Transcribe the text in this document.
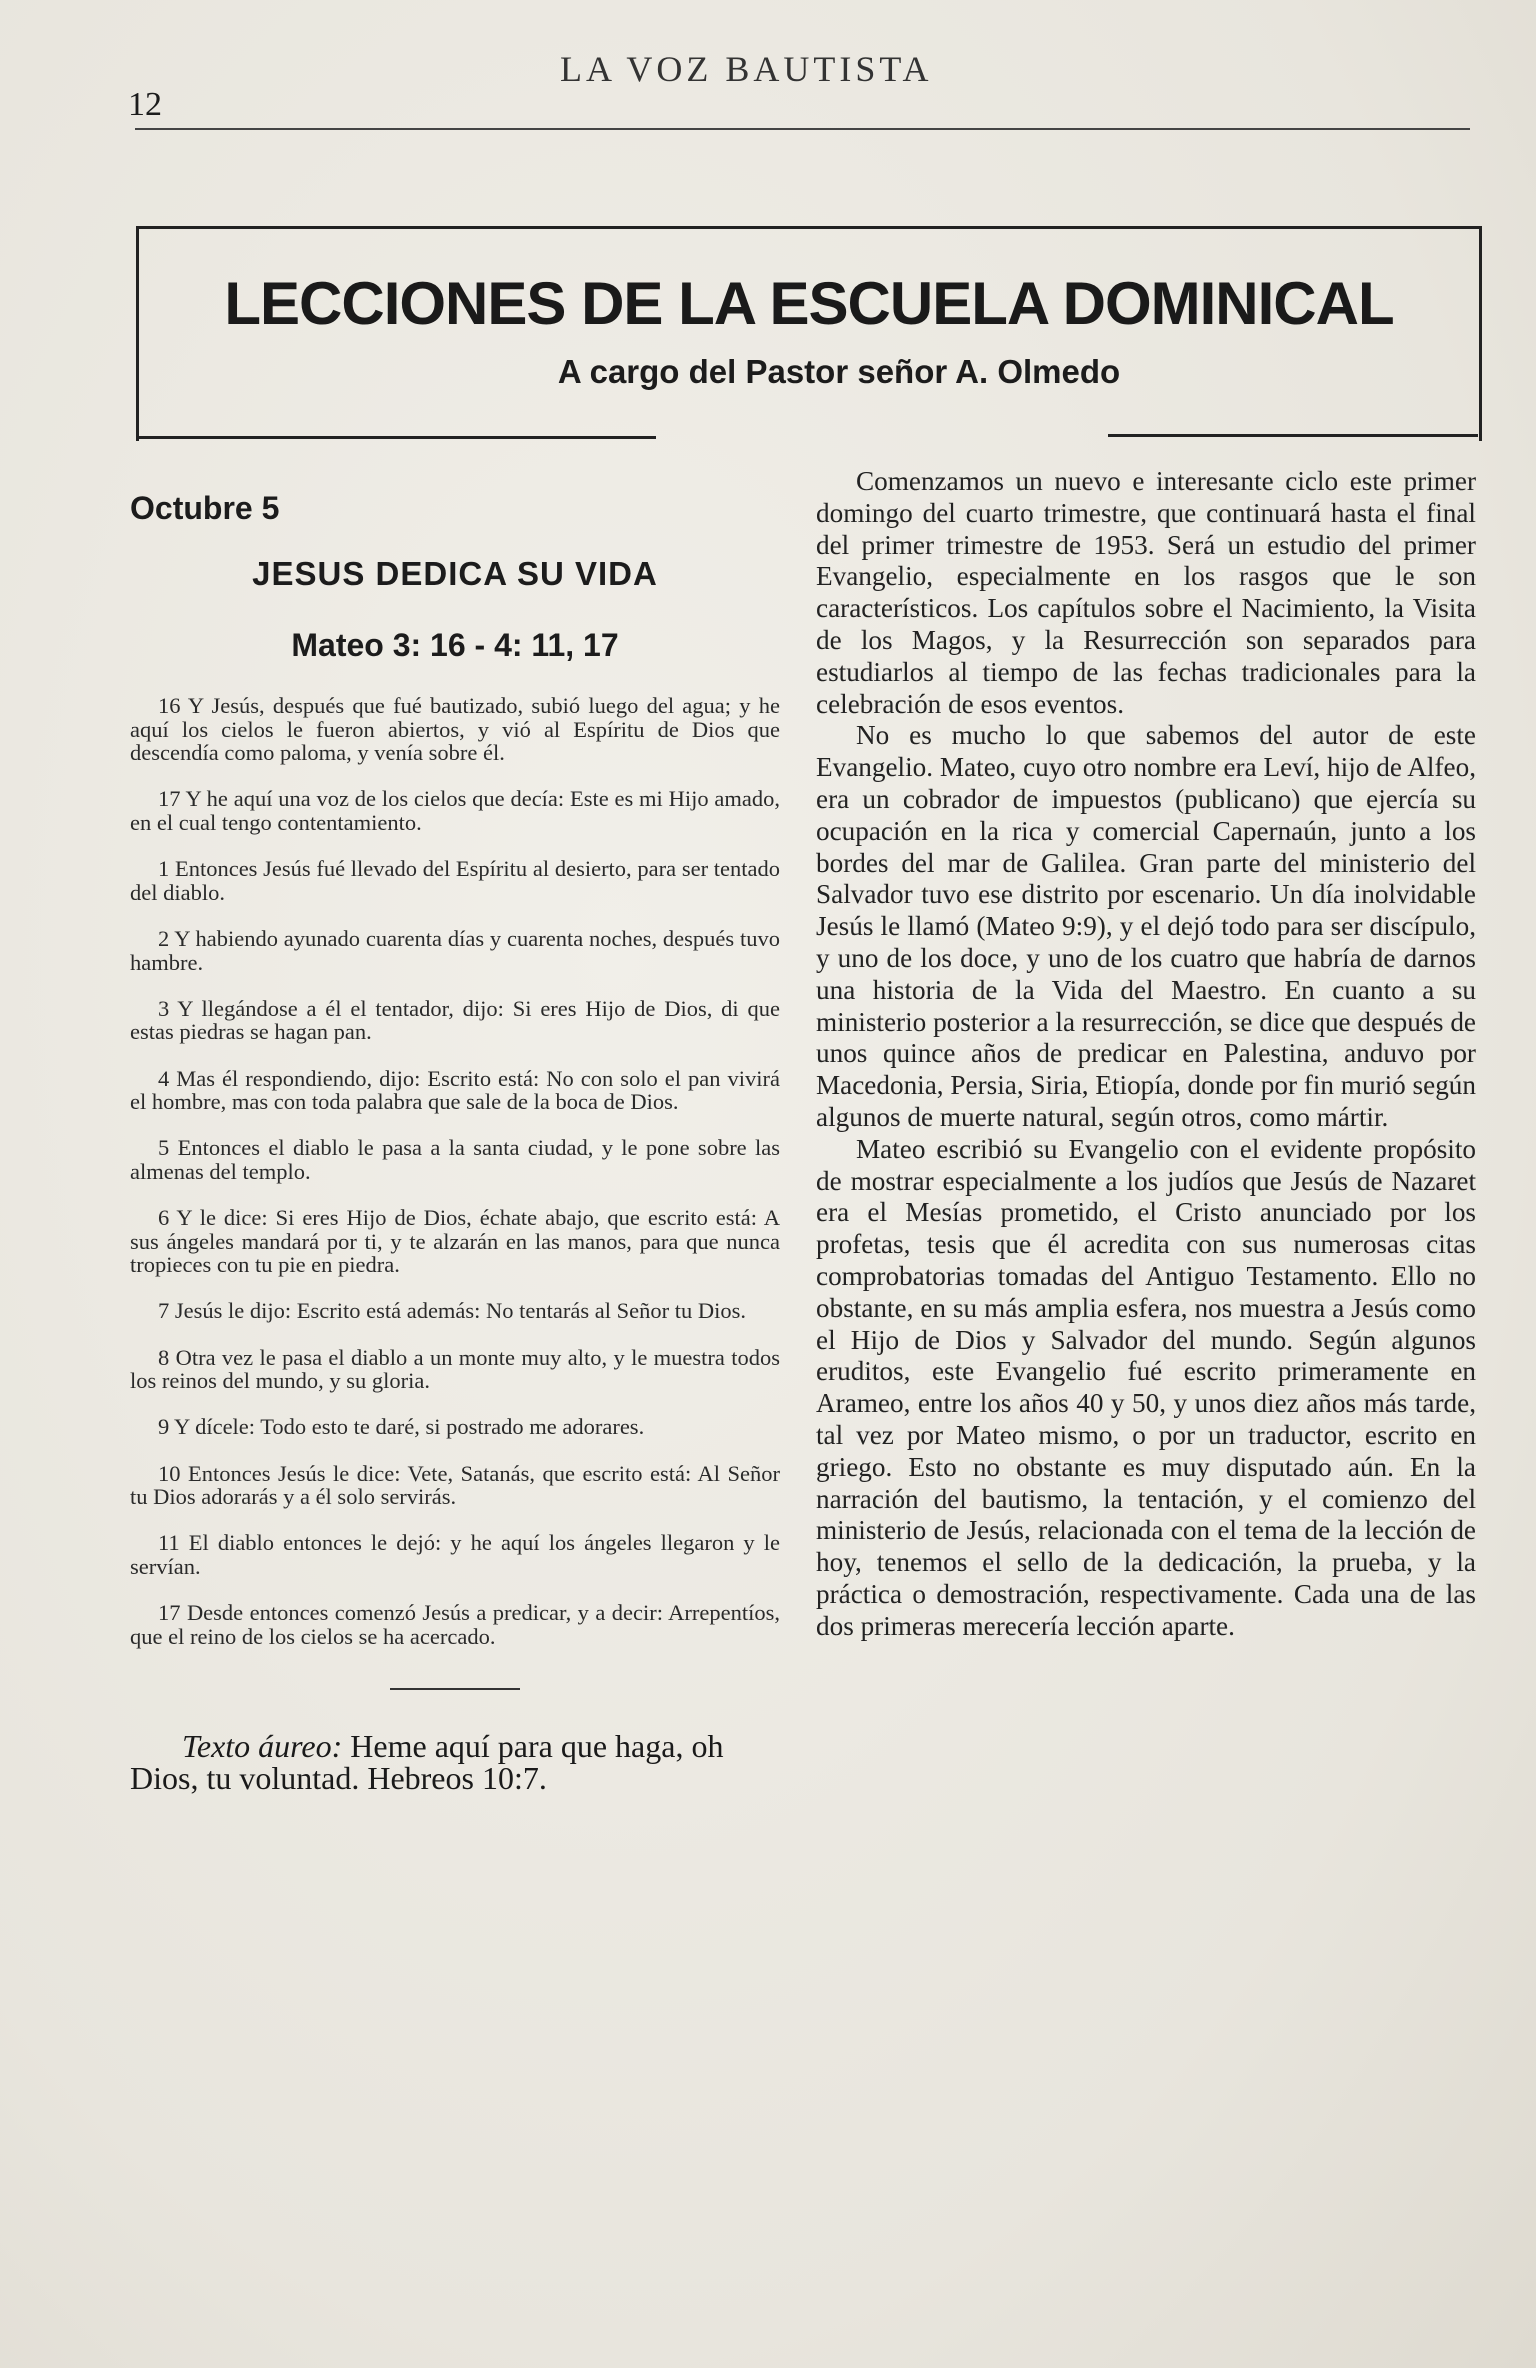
12
LA VOZ BAUTISTA
LECCIONES DE LA ESCUELA DOMINICAL
A cargo del Pastor señor A. Olmedo
Octubre 5
JESUS DEDICA SU VIDA
Mateo 3: 16 - 4: 11, 17

16 Y Jesús, después que fué bautizado, subió luego del agua; y he aquí los cielos le fueron abiertos, y vió al Espíritu de Dios que descendía como paloma, y venía sobre él.

17 Y he aquí una voz de los cielos que decía: Este es mi Hijo amado, en el cual tengo contentamiento.

1 Entonces Jesús fué llevado del Espíritu al desierto, para ser tentado del diablo.

2 Y habiendo ayunado cuarenta días y cuarenta noches, después tuvo hambre.

3 Y llegándose a él el tentador, dijo: Si eres Hijo de Dios, di que estas piedras se hagan pan.

4 Mas él respondiendo, dijo: Escrito está: No con solo el pan vivirá el hombre, mas con toda palabra que sale de la boca de Dios.

5 Entonces el diablo le pasa a la santa ciudad, y le pone sobre las almenas del templo.

6 Y le dice: Si eres Hijo de Dios, échate abajo, que escrito está: A sus ángeles mandará por ti, y te alzarán en las manos, para que nunca tropieces con tu pie en piedra.

7 Jesús le dijo: Escrito está además: No tentarás al Señor tu Dios.

8 Otra vez le pasa el diablo a un monte muy alto, y le muestra todos los reinos del mundo, y su gloria.

9 Y dícele: Todo esto te daré, si postrado me adorares.

10 Entonces Jesús le dice: Vete, Satanás, que escrito está: Al Señor tu Dios adorarás y a él solo servirás.

11 El diablo entonces le dejó: y he aquí los ángeles llegaron y le servían.

17 Desde entonces comenzó Jesús a predicar, y a decir: Arrepentíos, que el reino de los cielos se ha acercado.

Texto áureo: Heme aquí para que haga, oh Dios, tu voluntad. Hebreos 10:7.

Comenzamos un nuevo e interesante ciclo este primer domingo del cuarto trimestre, que continuará hasta el final del primer trimestre de 1953. Será un estudio del primer Evangelio, especialmente en los rasgos que le son característicos. Los capítulos sobre el Nacimiento, la Visita de los Magos, y la Resurrección son separados para estudiarlos al tiempo de las fechas tradicionales para la celebración de esos eventos.

No es mucho lo que sabemos del autor de este Evangelio. Mateo, cuyo otro nombre era Leví, hijo de Alfeo, era un cobrador de impuestos (publicano) que ejercía su ocupación en la rica y comercial Capernaún, junto a los bordes del mar de Galilea. Gran parte del ministerio del Salvador tuvo ese distrito por escenario. Un día inolvidable Jesús le llamó (Mateo 9:9), y el dejó todo para ser discípulo, y uno de los doce, y uno de los cuatro que habría de darnos una historia de la Vida del Maestro. En cuanto a su ministerio posterior a la resurrección, se dice que después de unos quince años de predicar en Palestina, anduvo por Macedonia, Persia, Siria, Etiopía, donde por fin murió según algunos de muerte natural, según otros, como mártir.

Mateo escribió su Evangelio con el evidente propósito de mostrar especialmente a los judíos que Jesús de Nazaret era el Mesías prometido, el Cristo anunciado por los profetas, tesis que él acredita con sus numerosas citas comprobatorias tomadas del Antiguo Testamento. Ello no obstante, en su más amplia esfera, nos muestra a Jesús como el Hijo de Dios y Salvador del mundo. Según algunos eruditos, este Evangelio fué escrito primeramente en Arameo, entre los años 40 y 50, y unos diez años más tarde, tal vez por Mateo mismo, o por un traductor, escrito en griego. Esto no obstante es muy disputado aún. En la narración del bautismo, la tentación, y el comienzo del ministerio de Jesús, relacionada con el tema de la lección de hoy, tenemos el sello de la dedicación, la prueba, y la práctica o demostración, respectivamente. Cada una de las dos primeras merecería lección aparte.
